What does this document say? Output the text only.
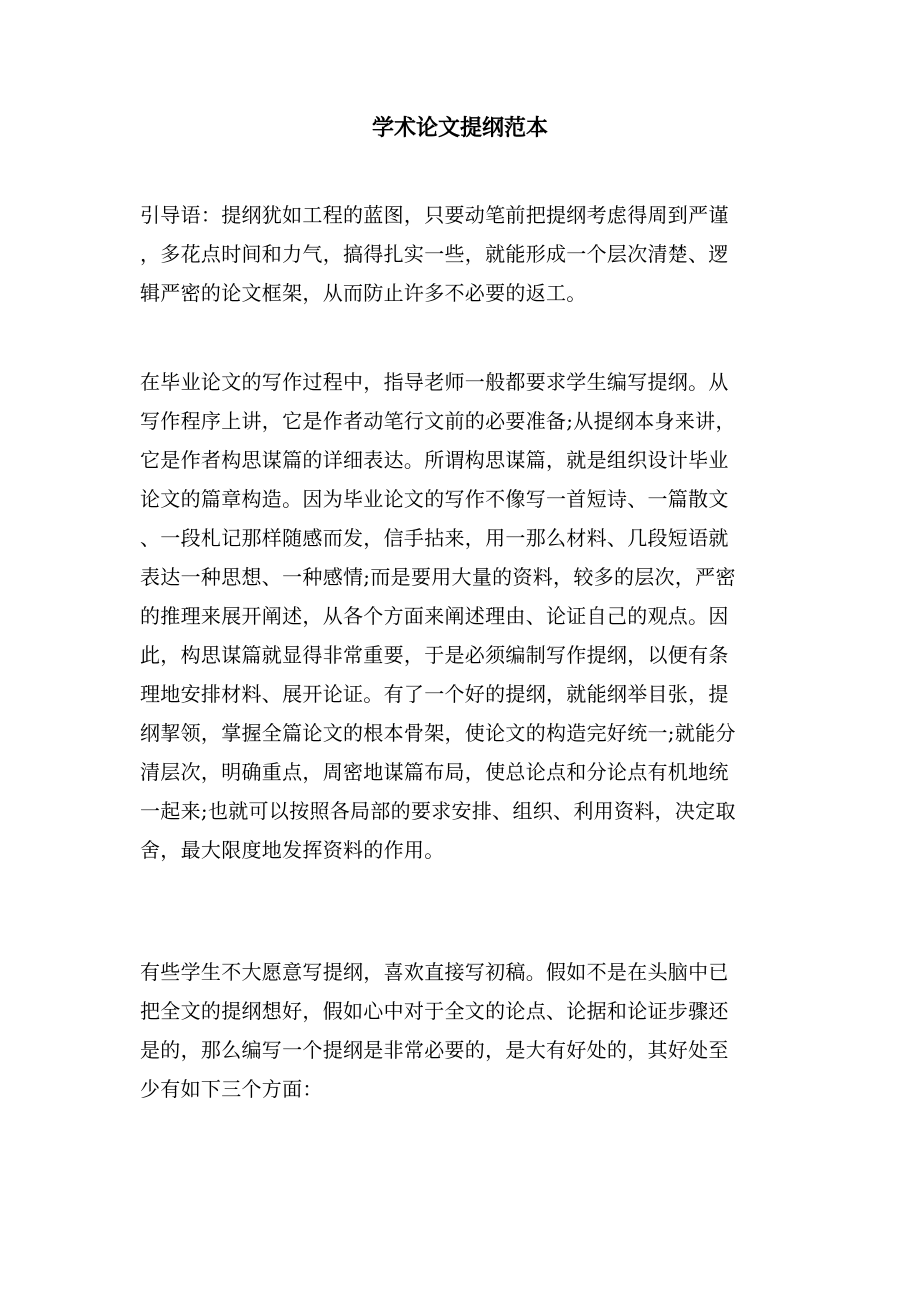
学术论文提纲范本
引导语：提纲犹如工程的蓝图，只要动笔前把提纲考虑得周到严谨
，多花点时间和力气，搞得扎实一些，就能形成一个层次清楚、逻
辑严密的论文框架，从而防止许多不必要的返工。
在毕业论文的写作过程中，指导老师一般都要求学生编写提纲。从
写作程序上讲，它是作者动笔行文前的必要准备;从提纲本身来讲，
它是作者构思谋篇的详细表达。所谓构思谋篇，就是组织设计毕业
论文的篇章构造。因为毕业论文的写作不像写一首短诗、一篇散文
、一段札记那样随感而发，信手拈来，用一那么材料、几段短语就
表达一种思想、一种感情;而是要用大量的资料，较多的层次，严密
的推理来展开阐述，从各个方面来阐述理由、论证自己的观点。因
此，构思谋篇就显得非常重要，于是必须编制写作提纲，以便有条
理地安排材料、展开论证。有了一个好的提纲，就能纲举目张，提
纲挈领，掌握全篇论文的根本骨架，使论文的构造完好统一;就能分
清层次，明确重点，周密地谋篇布局，使总论点和分论点有机地统
一起来;也就可以按照各局部的要求安排、组织、利用资料，决定取
舍，最大限度地发挥资料的作用。
有些学生不大愿意写提纲，喜欢直接写初稿。假如不是在头脑中已
把全文的提纲想好，假如心中对于全文的论点、论据和论证步骤还
是的，那么编写一个提纲是非常必要的，是大有好处的，其好处至
少有如下三个方面：
